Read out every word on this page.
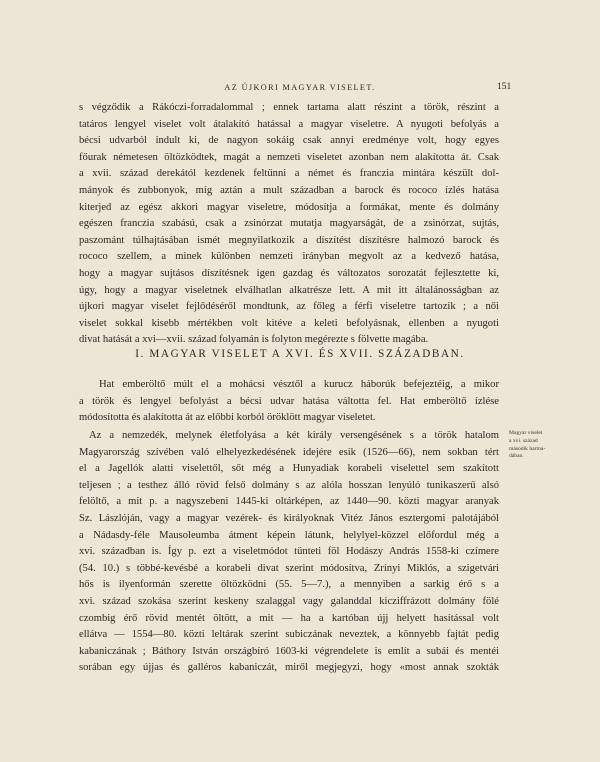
AZ ÚJKORI MAGYAR VISELET.	151
s végződik a Rákóczi-forradalommal ; ennek tartama alatt részint a török, részint a
tatáros lengyel viselet volt átalakító hatással a magyar viseletre. A nyugoti befolyás a
bécsi udvarból indult ki, de nagyon sokáig csak annyi eredménye volt, hogy egyes
főurak németesen öltözködtek, magát a nemzeti viseletet azonban nem alakította át. Csak
a xvii. század derekától kezdenek feltűnni a német és franczia mintára készült dol-
mányok és zubbonyok, míg aztán a mult században a barock és rococo ízlés hatása
kiterjed az egész akkori magyar viseletre, módosítja a formákat, mente és dolmány
egészen franczia szabású, csak a zsinórzat mutatja magyarságát, de a zsinórzat, sujtás,
paszománt túlhajtásában ismét megnyilatkozik a díszítést díszítésre halmozó barock és
rococo szellem, a minek különben nemzeti irányban megvolt az a kedvező hatása,
hogy a magyar sujtásos díszítésnek igen gazdag és változatos sorozatát fejlesztette ki,
úgy, hogy a magyar viseletnek elválhatlan alkatrésze lett. A mit itt általánosságban az
újkori magyar viselet fejlődéséről mondtunk, az főleg a férfi viseletre tartozik ; a női
viselet sokkal kisebb mértékben volt kitéve a keleti befolyásnak, ellenben a nyugoti
divat hatását a xvi—xvii. század folyamán is folyton megérezte s fölvette magába.
I. MAGYAR VISELET A XVI. ÉS XVII. SZÁZADBAN.
Hat emberöltő múlt el a mohácsi vésztől a kurucz háborúk befejeztéig, a mikor
a török és lengyel befolyást a bécsi udvar hatása váltotta fel. Hat emberöltő ízlése
módosította és alakította át az előbbi korból öröklött magyar viseletet.
Az a nemzedék, melynek életfolyása a két király versengésének s a török hatalom
Magyarország szívében való elhelyezkedésének idejére esik (1526—66), nem sokban tért
el a Jagellók alatti viselettől, sőt még a Hunyadiak korabeli viselettel sem szakított
teljesen ; a testhez álló rövid felső dolmány s az alóla hosszan lenyúló tunikaszerű alsó
felöltő, a mit p. a nagyszebeni 1445-ki oltárképen, az 1440—90. közti magyar aranyak
Sz. Lászlóján, vagy a magyar vezérek- és királyoknak Vitéz János esztergomi palotájából
a Nádasdy-féle Mausoleumba átment képein látunk, helylyel-közzel előfordul még a
xvi. században is. Így p. ezt a viseletmódot tünteti föl Hodászy András 1558-ki czímere
(54. 10.) s többé-kevésbé a korabeli divat szerint módosítva, Zrínyi Miklós, a szigetvári
hős is ilyenformán szerette öltözködni (55. 5—7.), a mennyiben a sarkig érő s a
xvi. század szokása szerint keskeny szalaggal vagy galanddal kicziffrázott dolmány fölé
czombig érő rövid mentét öltött, a mit — ha a kartóban újj helyett hasítással volt
ellátva — 1554—80. közti leltárak szerint subiczának neveztek, a könnyebb fajtát pedig
kabaniczának ; Báthory István országbíró 1603-ki végrendelete is említ a subái és mentéi
sorában egy újjas és galléros kabaniczát, miről megjegyzi, hogy «most annak szokták
Magyar viselet
a xvi. század
második harma-
dában.
